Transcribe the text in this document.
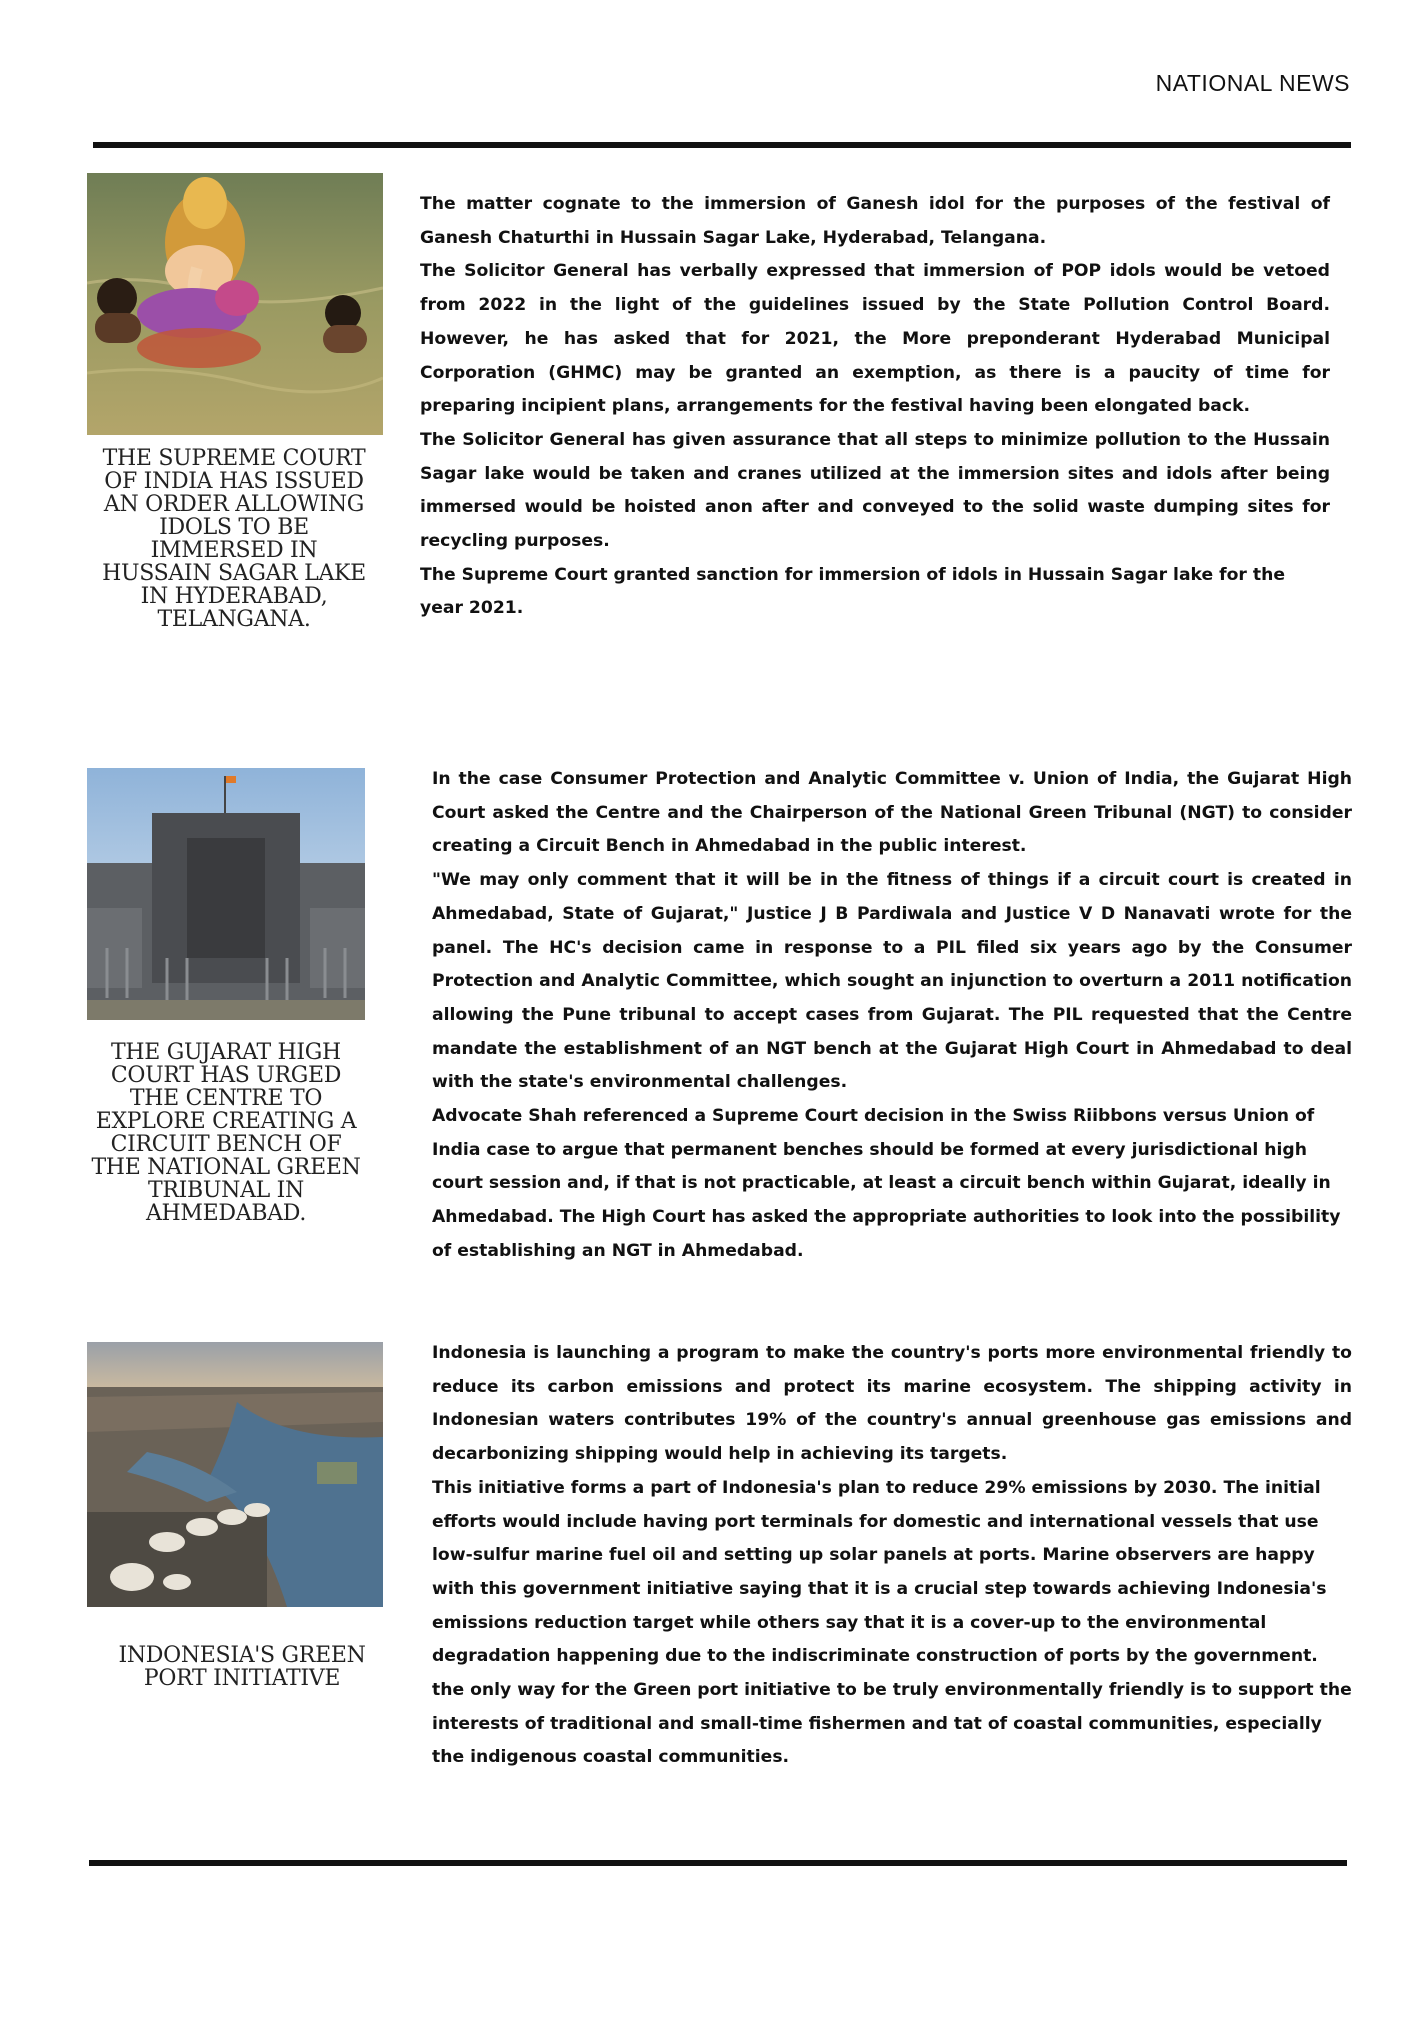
NATIONAL NEWS
THE SUPREME COURT OF INDIA HAS ISSUED AN ORDER ALLOWING IDOLS TO BE IMMERSED IN HUSSAIN SAGAR LAKE IN HYDERABAD, TELANGANA.

The matter cognate to the immersion of Ganesh idol for the purposes of the festival of Ganesh Chaturthi in Hussain Sagar Lake, Hyderabad, Telangana.

The Solicitor General has verbally expressed that immersion of POP idols would be vetoed from 2022 in the light of the guidelines issued by the State Pollution Control Board. However, he has asked that for 2021, the More preponderant Hyderabad Municipal Corporation (GHMC) may be granted an exemption, as there is a paucity of time for preparing incipient plans, arrangements for the festival having been elongated back.

The Solicitor General has given assurance that all steps to minimize pollution to the Hussain Sagar lake would be taken and cranes utilized at the immersion sites and idols after being immersed would be hoisted anon after and conveyed to the solid waste dumping sites for recycling purposes.

The Supreme Court granted sanction for immersion of idols in Hussain Sagar lake for the year 2021.

THE GUJARAT HIGH COURT HAS URGED THE CENTRE TO EXPLORE CREATING A CIRCUIT BENCH OF THE NATIONAL GREEN TRIBUNAL IN AHMEDABAD.

In the case Consumer Protection and Analytic Committee v. Union of India, the Gujarat High Court asked the Centre and the Chairperson of the National Green Tribunal (NGT) to consider creating a Circuit Bench in Ahmedabad in the public interest.

"We may only comment that it will be in the fitness of things if a circuit court is created in Ahmedabad, State of Gujarat," Justice J B Pardiwala and Justice V D Nanavati wrote for the panel. The HC's decision came in response to a PIL filed six years ago by the Consumer Protection and Analytic Committee, which sought an injunction to overturn a 2011 notification allowing the Pune tribunal to accept cases from Gujarat. The PIL requested that the Centre mandate the establishment of an NGT bench at the Gujarat High Court in Ahmedabad to deal with the state's environmental challenges.

Advocate Shah referenced a Supreme Court decision in the Swiss Riibbons versus Union of India case to argue that permanent benches should be formed at every jurisdictional high court session and, if that is not practicable, at least a circuit bench within Gujarat, ideally in Ahmedabad. The High Court has asked the appropriate authorities to look into the possibility of establishing an NGT in Ahmedabad.

INDONESIA'S GREEN PORT INITIATIVE

Indonesia is launching a program to make the country's ports more environmental friendly to reduce its carbon emissions and protect its marine ecosystem. The shipping activity in Indonesian waters contributes 19% of the country's annual greenhouse gas emissions and decarbonizing shipping would help in achieving its targets.

This initiative forms a part of Indonesia's plan to reduce 29% emissions by 2030. The initial efforts would include having port terminals for domestic and international vessels that use low-sulfur marine fuel oil and setting up solar panels at ports. Marine observers are happy with this government initiative saying that it is a crucial step towards achieving Indonesia's emissions reduction target while others say that it is a cover-up to the environmental degradation happening due to the indiscriminate construction of ports by the government. the only way for the Green port initiative to be truly environmentally friendly is to support the interests of traditional and small-time fishermen and tat of coastal communities, especially the indigenous coastal communities.
